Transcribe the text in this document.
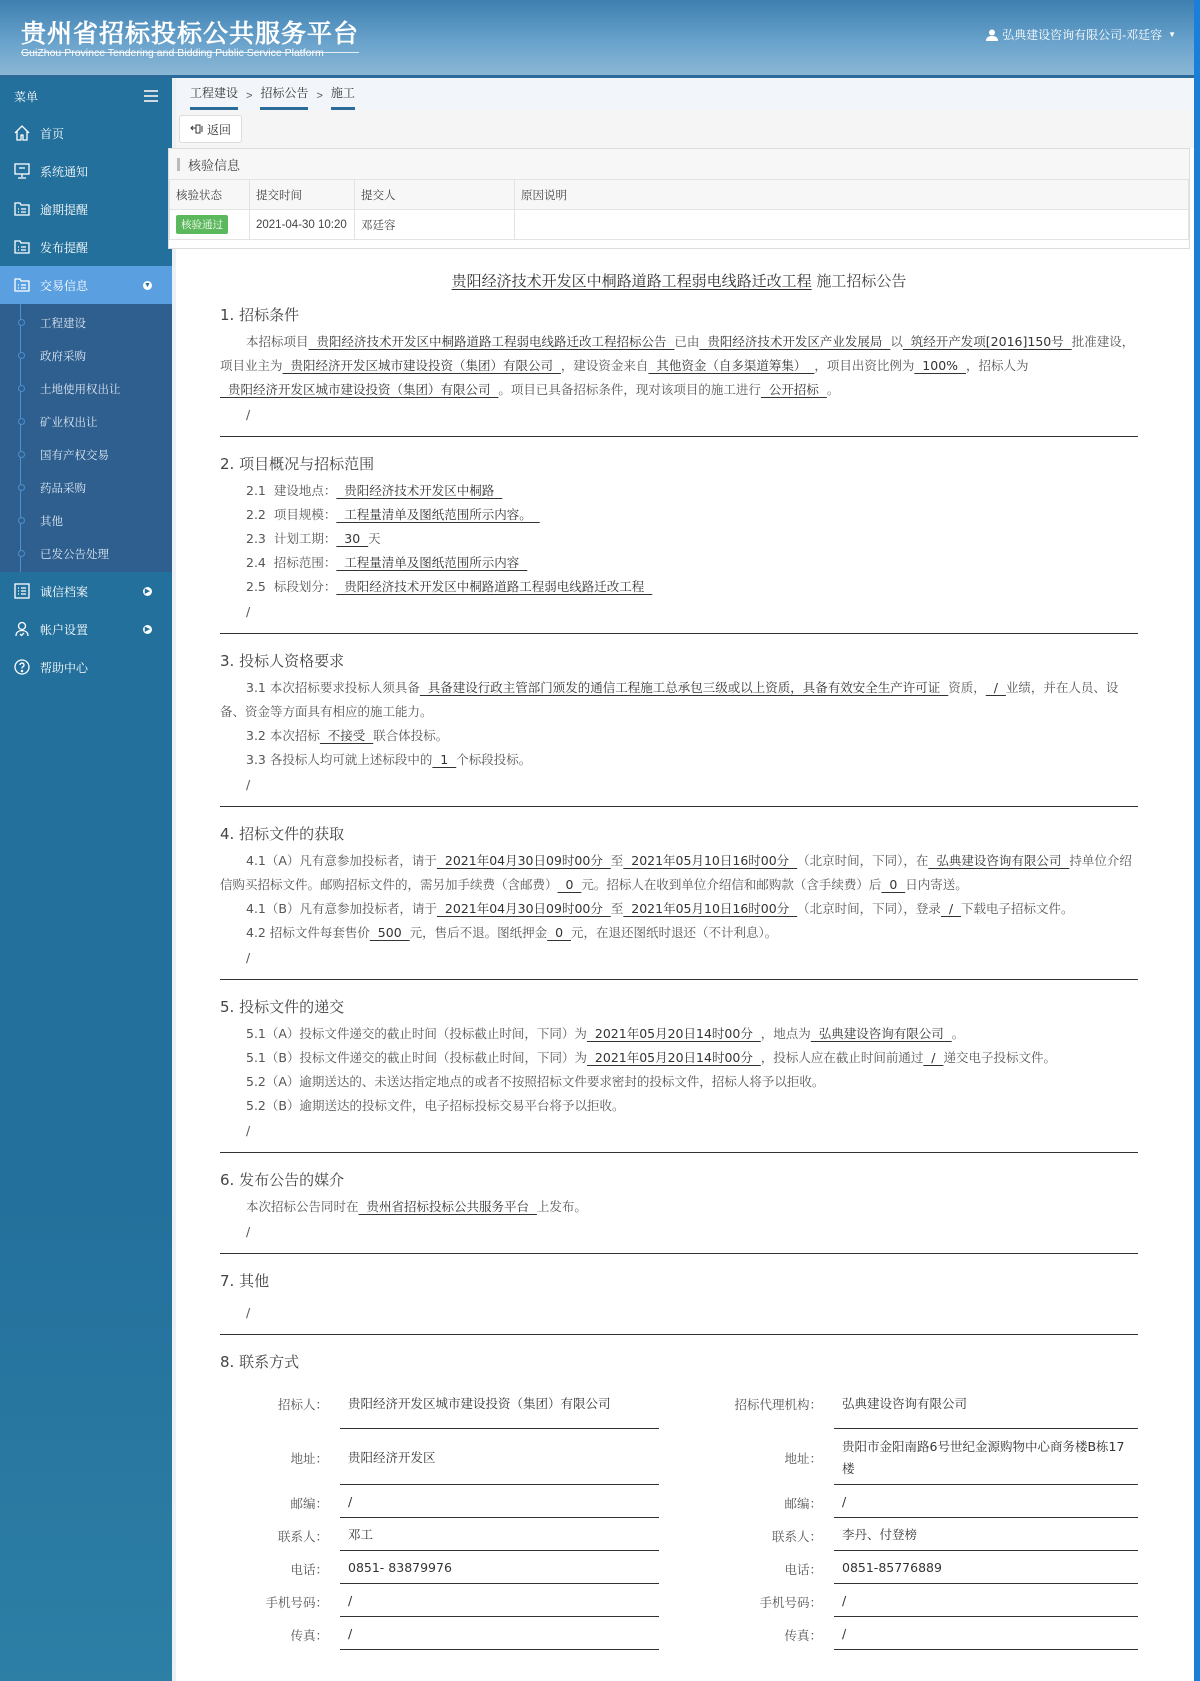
贵州省招标投标公共服务平台
GuiZhou Province Tendering and Bidding Public Service Platform
弘典建设咨询有限公司-邓廷容 ▼
菜单
首页
系统通知
逾期提醒
发布提醒
交易信息	▼
工程建设
政府采购
土地使用权出让
矿业权出让
国有产权交易
药品采购
其他
已发公告处理
诚信档案	▶
帐户设置	▶
帮助中心
工程建设 > 招标公告 > 施工
返回
核验信息
核验状态	提交时间	提交人	原因说明
核验通过	2021-04-30 10:20	邓廷容	
贵阳经济技术开发区中桐路道路工程弱电线路迁改工程 施工招标公告
1. 招标条件
本招标项目  贵阳经济技术开发区中桐路道路工程弱电线路迁改工程招标公告  已由  贵阳经济技术开发区产业发展局  以  筑经开产发项[2016]150号  批准建设，项目业主为  贵阳经济开发区城市建设投资（集团）有限公司  ，建设资金来自  其他资金（自多渠道筹集）  ，项目出资比例为  100%  ，招标人为  贵阳经济开发区城市建设投资（集团）有限公司  。项目已具备招标条件，现对该项目的施工进行  公开招标  。
/
2. 项目概况与招标范围
2.1 建设地点：  贵阳经济技术开发区中桐路
2.2 项目规模：  工程量清单及图纸范围所示内容。
2.3 计划工期：  30  天
2.4 招标范围：  工程量清单及图纸范围所示内容
2.5 标段划分：  贵阳经济技术开发区中桐路道路工程弱电线路迁改工程
/
3. 投标人资格要求
3.1 本次招标要求投标人须具备  具备建设行政主管部门颁发的通信工程施工总承包三级或以上资质，具备有效安全生产许可证  资质，  /  业绩，并在人员、设备、资金等方面具有相应的施工能力。
3.2 本次招标  不接受  联合体投标。
3.3 各投标人均可就上述标段中的  1  个标段投标。
/
4. 招标文件的获取
4.1（A）凡有意参加投标者，请于  2021年04月30日09时00分  至  2021年05月10日16时00分  （北京时间，下同），在  弘典建设咨询有限公司  持单位介绍信购买招标文件。邮购招标文件的，需另加手续费（含邮费）  0  元。招标人在收到单位介绍信和邮购款（含手续费）后  0  日内寄送。
4.1（B）凡有意参加投标者，请于  2021年04月30日09时00分  至  2021年05月10日16时00分  （北京时间，下同），登录  /  下载电子招标文件。
4.2 招标文件每套售价  500  元，售后不退。图纸押金  0  元，在退还图纸时退还（不计利息）。
/
5. 投标文件的递交
5.1（A）投标文件递交的截止时间（投标截止时间，下同）为  2021年05月20日14时00分  ，地点为  弘典建设咨询有限公司  。
5.1（B）投标文件递交的截止时间（投标截止时间，下同）为  2021年05月20日14时00分  ，投标人应在截止时间前通过  /  递交电子投标文件。
5.2（A）逾期送达的、未送达指定地点的或者不按照招标文件要求密封的投标文件，招标人将予以拒收。
5.2（B）逾期送达的投标文件，电子招标投标交易平台将予以拒收。
/
6. 发布公告的媒介
本次招标公告同时在  贵州省招标投标公共服务平台  上发布。
/
7. 其他
/
8. 联系方式
招标人：	贵阳经济开发区城市建设投资（集团）有限公司
地址：	贵阳经济开发区
邮编：	/
联系人：	邓工
电话：	0851- 83879976
手机号码：	/
传真：	/
招标代理机构：	弘典建设咨询有限公司
地址：
贵阳市金阳南路6号世纪金源购物中心商务楼B栋17楼
邮编：	/
联系人：	李丹、付登榜
电话：	0851-85776889
手机号码：	/
传真：	/
